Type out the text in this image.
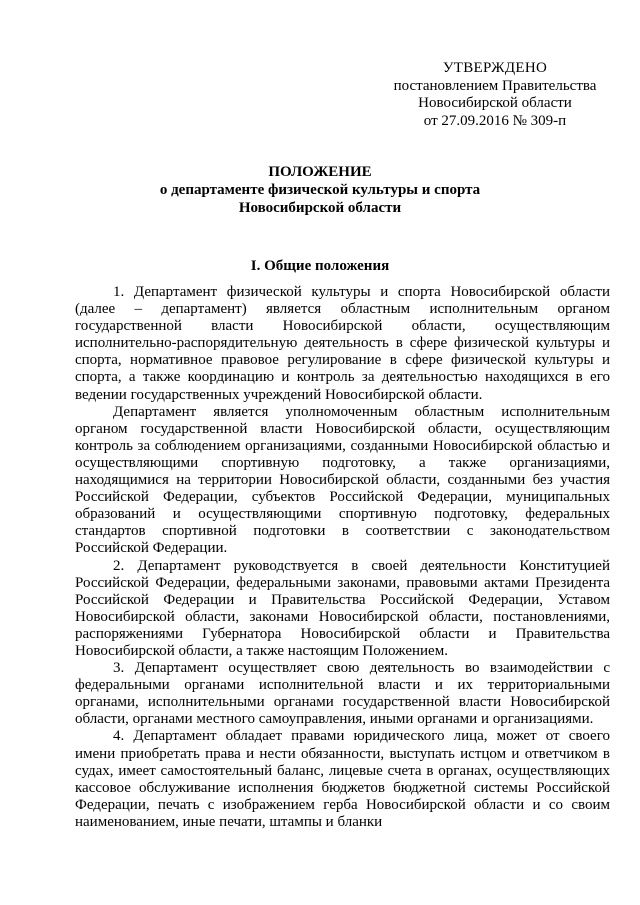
УТВЕРЖДЕНО
постановлением Правительства
Новосибирской области
от 27.09.2016 № 309-п
ПОЛОЖЕНИЕ
о департаменте физической культуры и спорта
Новосибирской области
I. Общие положения

1. Департамент физической культуры и спорта Новосибирской области (далее – департамент) является областным исполнительным органом государственной власти Новосибирской области, осуществляющим исполнительно-распорядительную деятельность в сфере физической культуры и спорта, нормативное правовое регулирование в сфере физической культуры и спорта, а также координацию и контроль за деятельностью находящихся в его ведении государственных учреждений Новосибирской области.

Департамент является уполномоченным областным исполнительным органом государственной власти Новосибирской области, осуществляющим контроль за соблюдением организациями, созданными Новосибирской областью и осуществляющими спортивную подготовку, а также организациями, находящимися на территории Новосибирской области, созданными без участия Российской Федерации, субъектов Российской Федерации, муниципальных образований и осуществляющими спортивную подготовку, федеральных стандартов спортивной подготовки в соответствии с законодательством Российской Федерации.

2. Департамент руководствуется в своей деятельности Конституцией Российской Федерации, федеральными законами, правовыми актами Президента Российской Федерации и Правительства Российской Федерации, Уставом Новосибирской области, законами Новосибирской области, постановлениями, распоряжениями Губернатора Новосибирской области и Правительства Новосибирской области, а также настоящим Положением.

3. Департамент осуществляет свою деятельность во взаимодействии с федеральными органами исполнительной власти и их территориальными органами, исполнительными органами государственной власти Новосибирской области, органами местного самоуправления, иными органами и организациями.

4. Департамент обладает правами юридического лица, может от своего имени приобретать права и нести обязанности, выступать истцом и ответчиком в судах, имеет самостоятельный баланс, лицевые счета в органах, осуществляющих кассовое обслуживание исполнения бюджетов бюджетной системы Российской Федерации, печать с изображением герба Новосибирской области и со своим наименованием, иные печати, штампы и бланки
